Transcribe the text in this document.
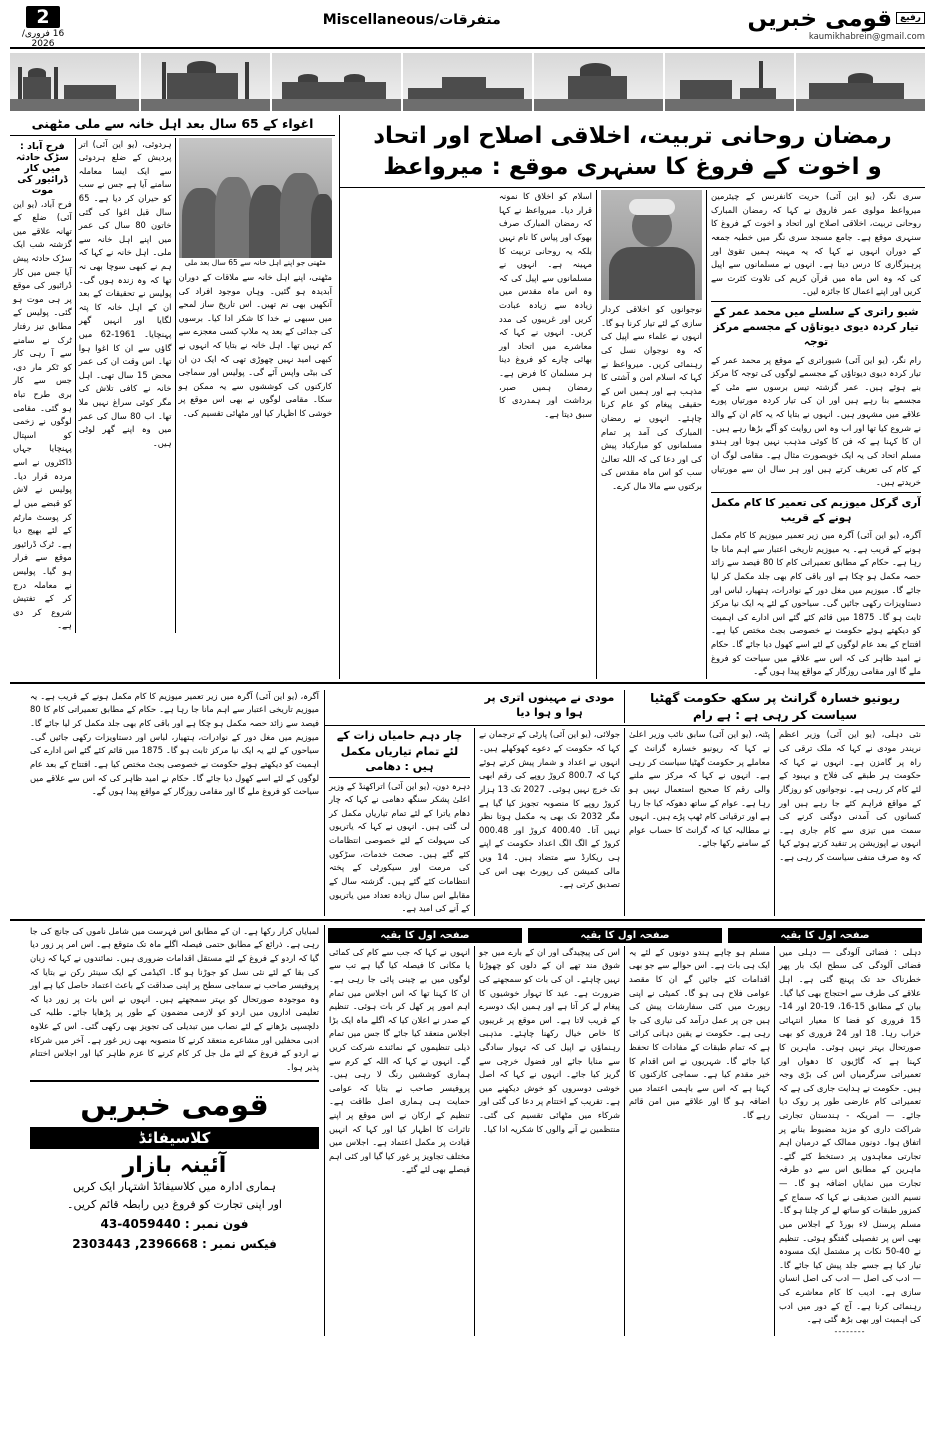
2
16 فروری/ 2026
متفرقات/Miscellaneous	رفیعقومی خبریں
kaumikhabrein@gmail.com
رمضان روحانی تربیت، اخلاقی اصلاح اور اتحاد
و اخوت کے فروغ کا سنہری موقع : میرواعظ
سری نگر، (یو این آئی) حریت کانفرنس کے چیئرمین میرواعظ مولوی عمر فاروق نے کہا کہ رمضان المبارک روحانی تربیت، اخلاقی اصلاح اور اتحاد و اخوت کے فروغ کا سنہری موقع ہے۔ جامع مسجد سری نگر میں خطبہ جمعہ کے دوران انہوں نے کہا کہ یہ مہینہ ہمیں تقویٰ اور پرہیزگاری کا درس دیتا ہے۔ انہوں نے مسلمانوں سے اپیل کی کہ وہ اس ماہ میں قرآن کریم کی تلاوت کثرت سے کریں اور اپنے اعمال کا جائزہ لیں۔
شیو راتری کے سلسلے میں محمد عمر کے تیار کردہ دیوی دیوتاؤں کے مجسمے مرکز توجہ
رام نگر، (یو این آئی) شیوراتری کے موقع پر محمد عمر کے تیار کردہ دیوی دیوتاؤں کے مجسمے لوگوں کی توجہ کا مرکز بنے ہوئے ہیں۔ عمر گزشتہ تیس برسوں سے مٹی کے مجسمے بنا رہے ہیں اور ان کی تیار کردہ مورتیاں پورے علاقے میں مشہور ہیں۔ انہوں نے بتایا کہ یہ کام ان کے والد نے شروع کیا تھا اور اب وہ اس روایت کو آگے بڑھا رہے ہیں۔ ان کا کہنا ہے کہ فن کا کوئی مذہب نہیں ہوتا اور ہندو مسلم اتحاد کی یہ ایک خوبصورت مثال ہے۔ مقامی لوگ ان کے کام کی تعریف کرتے ہیں اور ہر سال ان سے مورتیاں خریدتے ہیں۔
آری گرکل میوزیم کی تعمیر کا کام مکمل ہونے کے قریب
آگرہ، (یو این آئی) آگرہ میں زیر تعمیر میوزیم کا کام مکمل ہونے کے قریب ہے۔ یہ میوزیم تاریخی اعتبار سے اہم مانا جا رہا ہے۔ حکام کے مطابق تعمیراتی کام کا 80 فیصد سے زائد حصہ مکمل ہو چکا ہے اور باقی کام بھی جلد مکمل کر لیا جائے گا۔ میوزیم میں مغل دور کے نوادرات، ہتھیار، لباس اور دستاویزات رکھی جائیں گی۔ سیاحوں کے لئے یہ ایک نیا مرکز ثابت ہو گا۔ 1875 میں قائم کئے گئے اس ادارے کی اہمیت کو دیکھتے ہوئے حکومت نے خصوصی بجٹ مختص کیا ہے۔ افتتاح کے بعد عام لوگوں کے لئے اسے کھول دیا جائے گا۔ حکام نے امید ظاہر کی کہ اس سے علاقے میں سیاحت کو فروغ ملے گا اور مقامی روزگار کے مواقع پیدا ہوں گے۔
نوجوانوں کو اخلاقی کردار سازی کے لئے تیار کرنا ہو گا۔ انہوں نے علماء سے اپیل کی کہ وہ نوجوان نسل کی رہنمائی کریں۔ میرواعظ نے کہا کہ اسلام امن و آشتی کا مذہب ہے اور ہمیں اس کے حقیقی پیغام کو عام کرنا چاہئے۔ انہوں نے رمضان المبارک کی آمد پر تمام مسلمانوں کو مبارکباد پیش کی اور دعا کی کہ اللہ تعالیٰ سب کو اس ماہ مقدس کی برکتوں سے مالا مال کرے۔
اسلام کو اخلاق کا نمونہ قرار دیا۔ میرواعظ نے کہا کہ رمضان المبارک صرف بھوک اور پیاس کا نام نہیں بلکہ یہ روحانی تربیت کا مہینہ ہے۔ انہوں نے مسلمانوں سے اپیل کی کہ وہ اس ماہ مقدس میں زیادہ سے زیادہ عبادت کریں اور غریبوں کی مدد کریں۔ انہوں نے کہا کہ معاشرے میں اتحاد اور بھائی چارے کو فروغ دینا ہر مسلمان کا فرض ہے۔ رمضان ہمیں صبر، برداشت اور ہمدردی کا سبق دیتا ہے۔
اغواء کے 65 سال بعد اہل خانہ سے ملی مٹھنی
مٹھنی جو اپنے اہل خانہ سے 65 سال بعد ملی
مٹھنی، اپنے اہل خانہ سے ملاقات کے دوران آبدیدہ ہو گئیں۔ وہاں موجود افراد کی آنکھیں بھی نم تھیں۔ اس تاریخ ساز لمحے میں سبھی نے خدا کا شکر ادا کیا۔ برسوں کی جدائی کے بعد یہ ملاپ کسی معجزے سے کم نہیں تھا۔ اہل خانہ نے بتایا کہ انہوں نے کبھی امید نہیں چھوڑی تھی کہ ایک دن ان کی بیٹی واپس آئے گی۔ پولیس اور سماجی کارکنوں کی کوششوں سے یہ ممکن ہو سکا۔ مقامی لوگوں نے بھی اس موقع پر خوشی کا اظہار کیا اور مٹھائی تقسیم کی۔
ہردوئی، (یو این آئی) اتر پردیش کے ضلع ہردوئی سے ایک ایسا معاملہ سامنے آیا ہے جس نے سب کو حیران کر دیا ہے۔ 65 سال قبل اغوا کی گئی خاتون 80 سال کی عمر میں اپنے اہل خانہ سے ملی۔ اہل خانہ نے کہا کہ ہم نے کبھی سوچا بھی نہ تھا کہ وہ زندہ ہوں گی۔ پولیس نے تحقیقات کے بعد ان کے اہل خانہ کا پتہ لگایا اور انہیں گھر پہنچایا۔ 1961-62 میں گاؤں سے ان کا اغوا ہوا تھا۔ اس وقت ان کی عمر محض 15 سال تھی۔ اہل خانہ نے کافی تلاش کی مگر کوئی سراغ نہیں ملا تھا۔ اب 80 سال کی عمر میں وہ اپنے گھر لوٹی ہیں۔
فرح آباد : سڑک حادثہ میں کار ڈرائیور کی موت
فرح آباد، (یو این آئی) ضلع کے تھانہ علاقے میں گزشتہ شب ایک سڑک حادثہ پیش آیا جس میں کار ڈرائیور کی موقع پر ہی موت ہو گئی۔ پولیس کے مطابق تیز رفتار ٹرک نے سامنے سے آ رہی کار کو ٹکر مار دی، جس سے کار بری طرح تباہ ہو گئی۔ مقامی لوگوں نے زخمی کو اسپتال پہنچایا جہاں ڈاکٹروں نے اسے مردہ قرار دیا۔ پولیس نے لاش کو قبضے میں لے کر پوسٹ مارٹم کے لئے بھیج دیا ہے۔ ٹرک ڈرائیور موقع سے فرار ہو گیا۔ پولیس نے معاملہ درج کر کے تفتیش شروع کر دی ہے۔
ریونیو خسارہ گرانٹ پر سکھ حکومت گھٹیا سیاست کر رہی ہے : ہے رام
مودی نے مہینوں اتری پر ہوا و ہوا دیا
نئی دہلی، (یو این آئی) وزیر اعظم نریندر مودی نے کہا کہ ملک ترقی کی راہ پر گامزن ہے۔ انہوں نے کہا کہ حکومت ہر طبقے کی فلاح و بہبود کے لئے کام کر رہی ہے۔ نوجوانوں کو روزگار کے مواقع فراہم کئے جا رہے ہیں اور کسانوں کی آمدنی دوگنی کرنے کی سمت میں تیزی سے کام جاری ہے۔ انہوں نے اپوزیشن پر تنقید کرتے ہوئے کہا کہ وہ صرف منفی سیاست کر رہی ہے۔
پٹنہ، (یو این آئی) سابق نائب وزیر اعلیٰ نے کہا کہ ریونیو خسارہ گرانٹ کے معاملے پر حکومت گھٹیا سیاست کر رہی ہے۔ انہوں نے کہا کہ مرکز سے ملنے والی رقم کا صحیح استعمال نہیں ہو رہا ہے۔ عوام کے ساتھ دھوکہ کیا جا رہا ہے اور ترقیاتی کام ٹھپ پڑے ہیں۔ انہوں نے مطالبہ کیا کہ گرانٹ کا حساب عوام کے سامنے رکھا جائے۔
جولائی، (یو این آئی) پارٹی کے ترجمان نے کہا کہ حکومت کے دعوے کھوکھلے ہیں۔ انہوں نے اعداد و شمار پیش کرتے ہوئے کہا کہ 800.7 کروڑ روپے کی رقم ابھی تک خرچ نہیں ہوئی۔ 2027 تک 13 ہزار کروڑ روپے کا منصوبہ تجویز کیا گیا ہے مگر 2032 تک بھی یہ مکمل ہوتا نظر نہیں آتا۔ 400.40 کروڑ اور 000.48 کروڑ کے الگ الگ اعداد حکومت کے اپنے ہی ریکارڈ سے متضاد ہیں۔ 14 ویں مالی کمیشن کی رپورٹ بھی اس کی تصدیق کرتی ہے۔
چار دہم حامیاں زات کے لئے تمام تیاریاں مکمل ہیں : دھامی
دہرہ دون، (یو این آئی) اتراکھنڈ کے وزیر اعلیٰ پشکر سنگھ دھامی نے کہا کہ چار دھام یاترا کے لئے تمام تیاریاں مکمل کر لی گئی ہیں۔ انہوں نے کہا کہ یاتریوں کی سہولت کے لئے خصوصی انتظامات کئے گئے ہیں۔ صحت خدمات، سڑکوں کی مرمت اور سیکورٹی کے پختہ انتظامات کئے گئے ہیں۔ گزشتہ سال کے مقابلے اس سال زیادہ تعداد میں یاتریوں کے آنے کی امید ہے۔
آگرہ، (یو این آئی) آگرہ میں زیر تعمیر میوزیم کا کام مکمل ہونے کے قریب ہے۔ یہ میوزیم تاریخی اعتبار سے اہم مانا جا رہا ہے۔ حکام کے مطابق تعمیراتی کام کا 80 فیصد سے زائد حصہ مکمل ہو چکا ہے اور باقی کام بھی جلد مکمل کر لیا جائے گا۔ میوزیم میں مغل دور کے نوادرات، ہتھیار، لباس اور دستاویزات رکھی جائیں گی۔ سیاحوں کے لئے یہ ایک نیا مرکز ثابت ہو گا۔ 1875 میں قائم کئے گئے اس ادارے کی اہمیت کو دیکھتے ہوئے حکومت نے خصوصی بجٹ مختص کیا ہے۔ افتتاح کے بعد عام لوگوں کے لئے اسے کھول دیا جائے گا۔ حکام نے امید ظاہر کی کہ اس سے علاقے میں سیاحت کو فروغ ملے گا اور مقامی روزگار کے مواقع پیدا ہوں گے۔
صفحہ اول کا بقیہ
صفحہ اول کا بقیہ
صفحہ اول کا بقیہ
دہلی : فضائی آلودگی — دہلی میں فضائی آلودگی کی سطح ایک بار پھر خطرناک حد تک پہنچ گئی ہے۔ اہل علاقے کی طرف سے احتجاج بھی کیا گیا۔ بیان کے مطابق 15-16، 19-20 اور 14-15 فروری کو فضا کا معیار انتہائی خراب رہا۔ 18 اور 24 فروری کو بھی صورتحال بہتر نہیں ہوئی۔ ماہرین کا کہنا ہے کہ گاڑیوں کا دھواں اور تعمیراتی سرگرمیاں اس کی بڑی وجہ ہیں۔ حکومت نے ہدایت جاری کی ہے کہ تعمیراتی کام عارضی طور پر روک دیا جائے۔ — امریکہ - ہندستان تجارتی شراکت داری کو مزید مضبوط بنانے پر اتفاق ہوا۔ دونوں ممالک کے درمیان اہم تجارتی معاہدوں پر دستخط کئے گئے۔ ماہرین کے مطابق اس سے دو طرفہ تجارت میں نمایاں اضافہ ہو گا۔ — نسیم الدین صدیقی نے کہا کہ سماج کے کمزور طبقات کو ساتھ لے کر چلنا ہو گا۔ مسلم پرسنل لاء بورڈ کے اجلاس میں بھی اس پر تفصیلی گفتگو ہوئی۔ تنظیم نے 40-50 نکات پر مشتمل ایک مسودہ تیار کیا ہے جسے جلد پیش کیا جائے گا۔ — ادب کی اصل — ادب کی اصل انسان سازی ہے۔ ادیب کا کام معاشرے کی رہنمائی کرنا ہے۔ آج کے دور میں ادب کی اہمیت اور بھی بڑھ گئی ہے۔
--------
مسلم ہو چاہے ہندو دونوں کے لئے یہ ایک ہی بات ہے۔ اس حوالے سے جو بھی اقدامات کئے جائیں گے ان کا مقصد عوامی فلاح ہی ہو گا۔ کمیٹی نے اپنی رپورٹ میں کئی سفارشات پیش کی ہیں جن پر عمل درآمد کی تیاری کی جا رہی ہے۔ حکومت نے یقین دہانی کرائی ہے کہ تمام طبقات کے مفادات کا تحفظ کیا جائے گا۔ شہریوں نے اس اقدام کا خیر مقدم کیا ہے۔ سماجی کارکنوں کا کہنا ہے کہ اس سے باہمی اعتماد میں اضافہ ہو گا اور علاقے میں امن قائم رہے گا۔
اس کی پیچیدگی اور ان کے بارے میں جو شوق مند تھے ان کے دلوں کو چھوڑنا نہیں چاہئے۔ ان کی بات کو سمجھنے کی ضرورت ہے۔ عید کا تہوار خوشیوں کا پیغام لے کر آتا ہے اور ہمیں ایک دوسرے کے قریب لاتا ہے۔ اس موقع پر غریبوں کا خاص خیال رکھنا چاہئے۔ مذہبی رہنماؤں نے اپیل کی کہ تہوار سادگی سے منایا جائے اور فضول خرچی سے گریز کیا جائے۔ انہوں نے کہا کہ اصل خوشی دوسروں کو خوش دیکھنے میں ہے۔ تقریب کے اختتام پر دعا کی گئی اور شرکاء میں مٹھائی تقسیم کی گئی۔ منتظمین نے آنے والوں کا شکریہ ادا کیا۔
انہوں نے کہا کہ جب سے کام کی کمائی یا مکانی کا فیصلہ کیا گیا ہے تب سے لوگوں میں بے چینی پائی جا رہی ہے۔ ان کا کہنا تھا کہ اس اجلاس میں تمام اہم امور پر کھل کر بات ہوئی۔ تنظیم کے صدر نے اعلان کیا کہ اگلے ماہ ایک بڑا اجلاس منعقد کیا جائے گا جس میں تمام ذیلی تنظیموں کے نمائندے شرکت کریں گے۔ انہوں نے کہا کہ اللہ کے کرم سے ہماری کوششیں رنگ لا رہی ہیں۔ پروفیسر صاحب نے بتایا کہ عوامی حمایت ہی ہماری اصل طاقت ہے۔ تنظیم کے ارکان نے اس موقع پر اپنے تاثرات کا اظہار کیا اور کہا کہ انہیں قیادت پر مکمل اعتماد ہے۔ اجلاس میں مختلف تجاویز پر غور کیا گیا اور کئی اہم فیصلے بھی لئے گئے۔
لمبایاں کرار رکھا ہے۔ ان کے مطابق اس فہرست میں شامل ناموں کی جانچ کی جا رہی ہے۔ ذرائع کے مطابق حتمی فیصلہ اگلے ماہ تک متوقع ہے۔ اس امر پر زور دیا گیا کہ اردو کے فروغ کے لئے مستقل اقدامات ضروری ہیں۔ نمائندوں نے کہا کہ زبان کی بقا کے لئے نئی نسل کو جوڑنا ہو گا۔ اکیڈمی کے ایک سینئر رکن نے بتایا کہ پروفیسر صاحب نے سماجی سطح پر اپنی صداقت کے باعث اعتماد حاصل کیا ہے اور وہ موجودہ صورتحال کو بہتر سمجھتے ہیں۔ انہوں نے اس بات پر زور دیا کہ تعلیمی اداروں میں اردو کو لازمی مضمون کے طور پر پڑھایا جائے۔ طلبہ کی دلچسپی بڑھانے کے لئے نصاب میں تبدیلی کی تجویز بھی رکھی گئی۔ اس کے علاوہ ادبی محفلیں اور مشاعرے منعقد کرنے کا منصوبہ بھی زیر غور ہے۔ آخر میں شرکاء نے اردو کے فروغ کے لئے مل جل کر کام کرنے کا عزم ظاہر کیا اور اجلاس اختتام پذیر ہوا۔
قومی خبریں
کلاسیفائڈ
آئینہ بازار
ہماری ادارہ میں کلاسیفائڈ اشتہار ایک کریں
اور اپنی تجارت کو فروغ دیں رابطہ قائم کریں۔
فون نمبر : 4059440-43
فیکس نمبر : 2396668, 2303443
